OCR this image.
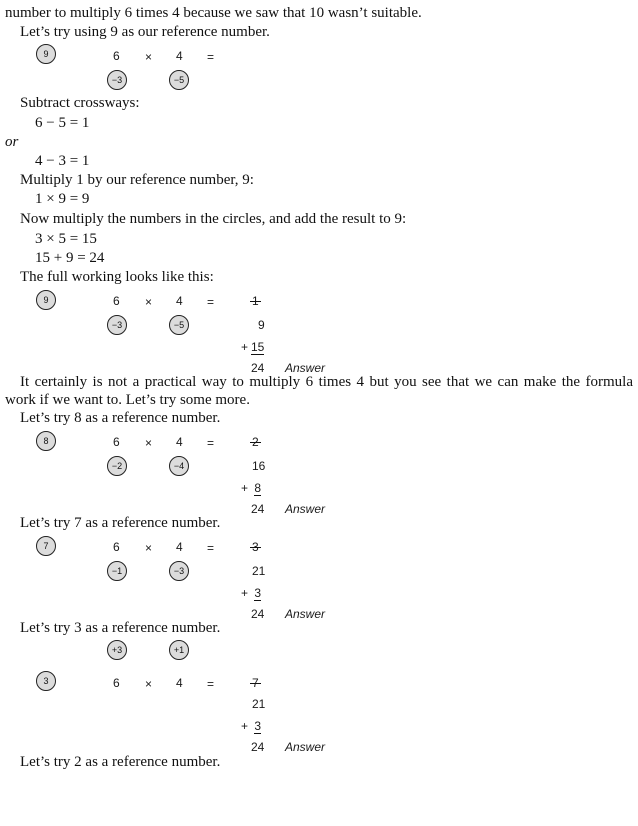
number to multiply 6 times 4 because we saw that 10 wasn’t suitable.
Let’s try using 9 as our reference number.
9	6 × 4 =
−3	−5
Subtract crossways:
6 − 5 = 1
or
4 − 3 = 1
Multiply 1 by our reference number, 9:
1 × 9 = 9
Now multiply the numbers in the circles, and add the result to 9:
3 × 5 = 15
15 + 9 = 24
The full working looks like this:
9	6 × 4 =	1
−3	−5	9
+ 15
24 Answer
It certainly is not a practical way to multiply 6 times 4 but you see that we can make the formula work if we want to. Let’s try some more.
Let’s try 8 as a reference number.
8	6 × 4 =	2
−2	−4	16
+ 8
24 Answer
Let’s try 7 as a reference number.
7	6 × 4 =	3
−1	−3	21
+ 3
24 Answer
Let’s try 3 as a reference number.
+3	+1
3	6 × 4 =	7
21
+ 3
24 Answer
Let’s try 2 as a reference number.
